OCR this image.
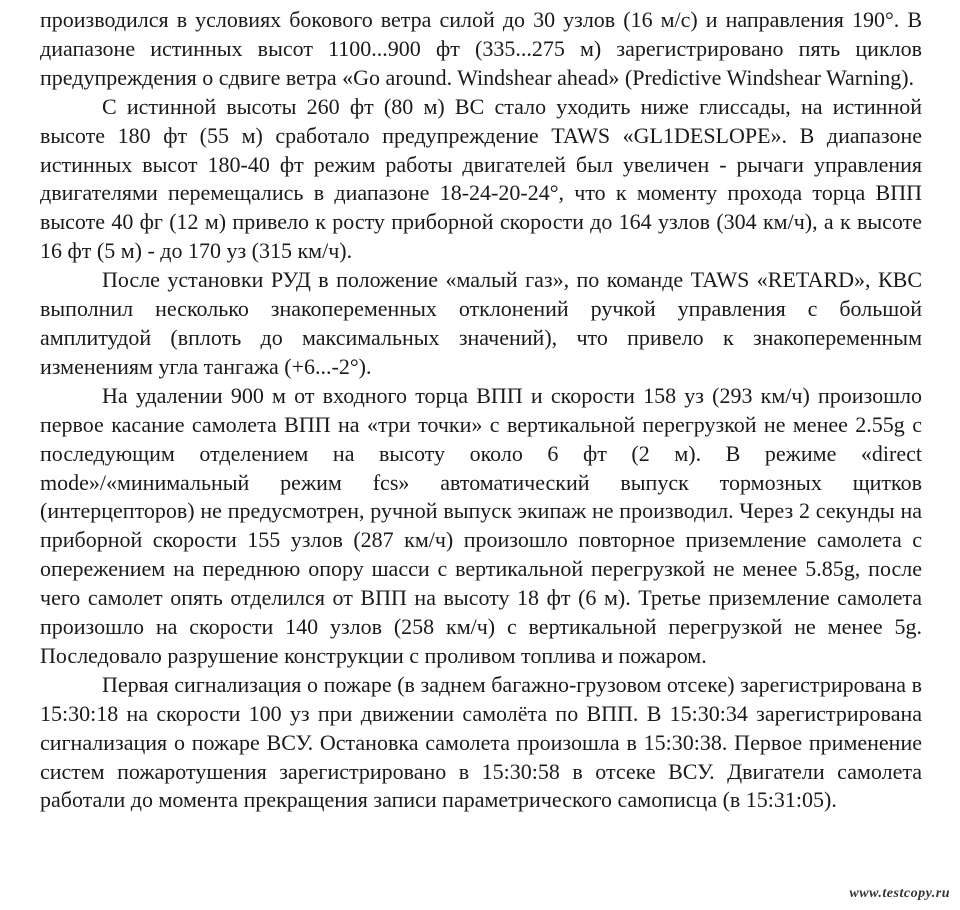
производился в условиях бокового ветра силой до 30 узлов (16 м/с) и направления 190°. В диапазоне истинных высот 1100...900 фт (335...275 м) зарегистрировано пять циклов предупреждения о сдвиге ветра «Go around. Windshear ahead» (Predictive Windshear Warning).

С истинной высоты 260 фт (80 м) ВС стало уходить ниже глиссады, на истинной высоте 180 фт (55 м) сработало предупреждение TAWS «GL1DESLOPE». В диапазоне истинных высот 180-40 фт режим работы двигателей был увеличен - рычаги управления двигателями перемещались в диапазоне 18-24-20-24°, что к моменту прохода торца ВПП высоте 40 фг (12 м) привело к росту приборной скорости до 164 узлов (304 км/ч), а к высоте 16 фт (5 м) - до 170 уз (315 км/ч).

После установки РУД в положение «малый газ», по команде TAWS «RETARD», КВС выполнил несколько знакопеременных отклонений ручкой управления с большой амплитудой (вплоть до максимальных значений), что привело к знакопеременным изменениям угла тангажа (+6...-2°).

На удалении 900 м от входного торца ВПП и скорости 158 уз (293 км/ч) произошло первое касание самолета ВПП на «три точки» с вертикальной перегрузкой не менее 2.55g с последующим отделением на высоту около 6 фт (2 м). В режиме «direct mode»/«минимальный режим fcs» автоматический выпуск тормозных щитков (интерцепторов) не предусмотрен, ручной выпуск экипаж не производил. Через 2 секунды на приборной скорости 155 узлов (287 км/ч) произошло повторное приземление самолета с опережением на переднюю опору шасси с вертикальной перегрузкой не менее 5.85g, после чего самолет опять отделился от ВПП на высоту 18 фт (6 м). Третье приземление самолета произошло на скорости 140 узлов (258 км/ч) с вертикальной перегрузкой не менее 5g. Последовало разрушение конструкции с проливом топлива и пожаром.

Первая сигнализация о пожаре (в заднем багажно-грузовом отсеке) зарегистрирована в 15:30:18 на скорости 100 уз при движении самолёта по ВПП. В 15:30:34 зарегистрирована сигнализация о пожаре ВСУ. Остановка самолета произошла в 15:30:38. Первое применение систем пожаротушения зарегистрировано в 15:30:58 в отсеке ВСУ. Двигатели самолета работали до момента прекращения записи параметрического самописца (в 15:31:05).

www.testcopy.ru
